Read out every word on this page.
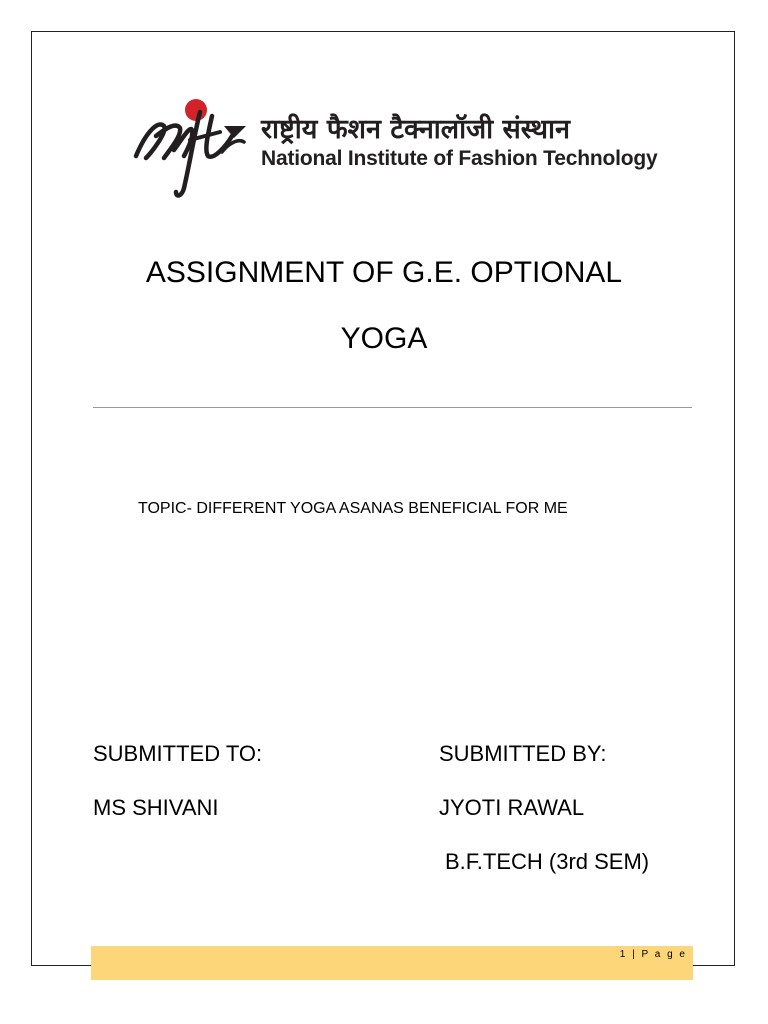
राष्ट्रीय फैशन टैक्नालॉजी संस्थान
National Institute of Fashion Technology
ASSIGNMENT OF G.E. OPTIONAL
YOGA
TOPIC- DIFFERENT YOGA ASANAS BENEFICIAL FOR ME
SUBMITTED TO:
MS SHIVANI
SUBMITTED BY:
JYOTI RAWAL
B.F.TECH (3rd SEM)
1 | P a g e
